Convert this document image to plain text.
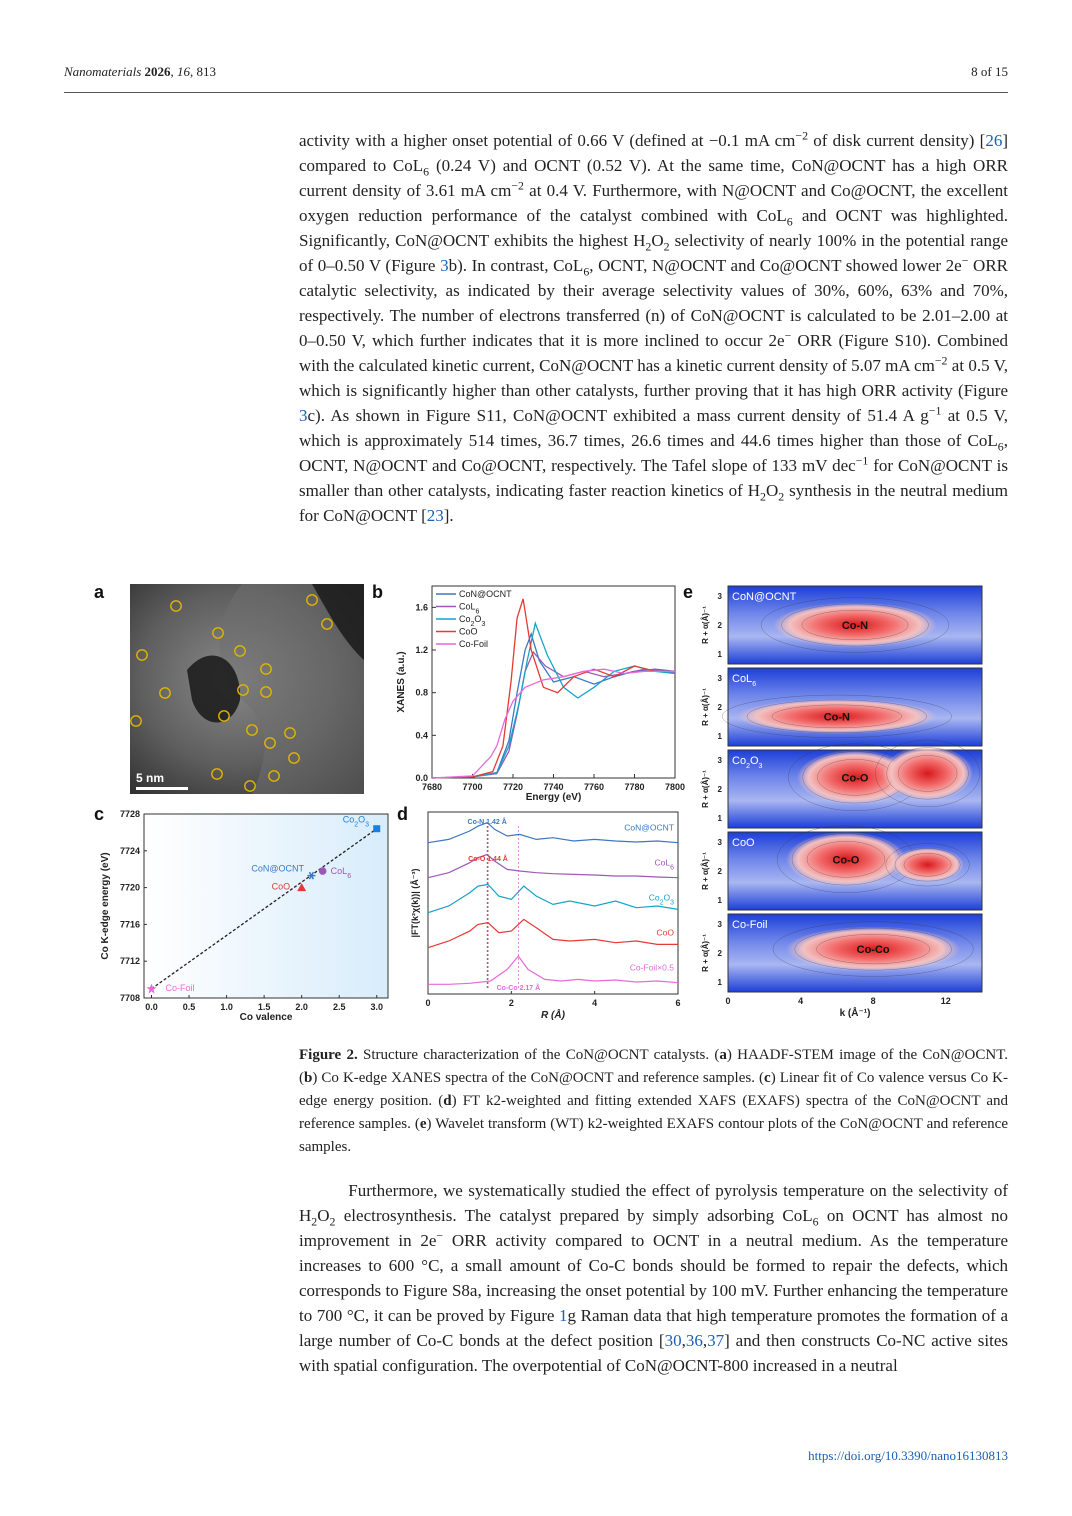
Nanomaterials 2026, 16, 813	8 of 15

activity with a higher onset potential of 0.66 V (defined at −0.1 mA $cm^{-2}$ of disk current density) [26] compared to CoL$_6$ (0.24 V) and OCNT (0.52 V). At the same time, CoN@OCNT has a high ORR current density of 3.61 mA $cm^{-2}$ at 0.4 V. Furthermore, with N@OCNT and Co@OCNT, the excellent oxygen reduction performance of the catalyst combined with CoL$_6$ and OCNT was highlighted. Significantly, CoN@OCNT exhibits the highest $H_2O_2$ selectivity of nearly 100% in the potential range of 0–0.50 V (Figure 3b). In contrast, CoL$_6$, OCNT, N@OCNT and Co@OCNT showed lower 2e− ORR catalytic selectivity, as indicated by their average selectivity values of 30%, 60%, 63% and 70%, respectively. The number of electrons transferred (n) of CoN@OCNT is calculated to be 2.01–2.00 at 0–0.50 V, which further indicates that it is more inclined to occur 2e− ORR (Figure S10). Combined with the calculated kinetic current, CoN@OCNT has a kinetic current density of 5.07 mA $cm^{-2}$ at 0.5 V, which is significantly higher than other catalysts, further proving that it has high ORR activity (Figure 3c). As shown in Figure S11, CoN@OCNT exhibited a mass current density of 51.4 A $g^{-1}$ at 0.5 V, which is approximately 514 times, 36.7 times, 26.6 times and 44.6 times higher than those of CoL$_6$, OCNT, N@OCNT and Co@OCNT, respectively. The Tafel slope of 133 mV dec$^{-1}$ for CoN@OCNT is smaller than other catalysts, indicating faster reaction kinetics of $H_2O_2$ synthesis in the neutral medium for CoN@OCNT [23].

a	b
c	d
e
5 nm
7680 7700 7720 7740 7760 7780 7800
0.0
0.4
0.8
1.2
1.6
Energy (eV)
XANES (a.u.)
CoN@OCNT
CoL$_6$
$Co_2O_3$
CoO
Co-Foil
0.0	0.5	1.0	1.5	2.0	2.5	3.0
7708
7712
7716
7720
7724
7728
Co-Foil
CoO
CoN@OCNT	CoL$_6$
$Co_2O_3$
Co valence
Co K-edge energy (eV)
0	2	4	6
CoN@OCNT
CoL$_6$
$Co_2O_3$
CoO
Co-Foil×0.5
Co-N 1.42 Å
Co-O 1.44 Å
Co-Co 2.17 Å
R (Å)
|FT(k²χ(k))| (Å⁻³)
CoN@OCNT
Co-N
1
2
3
R + α(Å)⁻¹
CoL$_6$
Co-N
1
2
3
R + α(Å)⁻¹
$Co_2O_3$
Co-O
1
2
3
R + α(Å)⁻¹
CoO
Co-O
1
2
3
R + α(Å)⁻¹
Co-Foil
Co-Co
1
2
3
R + α(Å)⁻¹
0	4	8	12
k (Å⁻¹)
Figure 2. Structure characterization of the CoN@OCNT catalysts. (a) HAADF-STEM image of the CoN@OCNT. (b) Co K-edge XANES spectra of the CoN@OCNT and reference samples. (c) Linear fit of Co valence versus Co K-edge energy position. (d) FT k2-weighted and fitting extended XAFS (EXAFS) spectra of the CoN@OCNT and reference samples. (e) Wavelet transform (WT) k2-weighted EXAFS contour plots of the CoN@OCNT and reference samples.

Furthermore, we systematically studied the effect of pyrolysis temperature on the selectivity of $H_2O_2$ electrosynthesis. The catalyst prepared by simply adsorbing CoL$_6$ on OCNT has almost no improvement in 2e− ORR activity compared to OCNT in a neutral medium. As the temperature increases to 600 °C, a small amount of Co-C bonds should be formed to repair the defects, which corresponds to Figure S8a, increasing the onset potential by 100 mV. Further enhancing the temperature to 700 °C, it can be proved by Figure 1g Raman data that high temperature promotes the formation of a large number of Co-C bonds at the defect position [30,36,37] and then constructs Co-NC active sites with spatial configuration. The overpotential of CoN@OCNT-800 increased in a neutral

https://doi.org/10.3390/nano16130813
